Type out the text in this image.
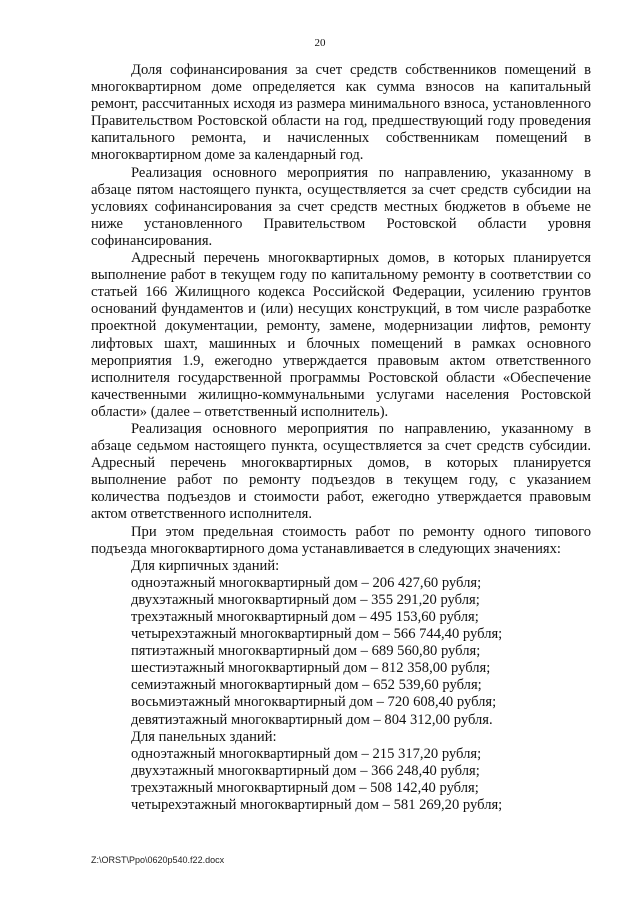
20

Доля софинансирования за счет средств собственников помещений в многоквартирном доме определяется как сумма взносов на капитальный ремонт, рассчитанных исходя из размера минимального взноса, установленного Правительством Ростовской области на год, предшествующий году проведения капитального ремонта, и начисленных собственникам помещений в многоквартирном доме за календарный год.

Реализация основного мероприятия по направлению, указанному в абзаце пятом настоящего пункта, осуществляется за счет средств субсидии на условиях софинансирования за счет средств местных бюджетов в объеме не ниже установленного Правительством Ростовской области уровня софинансирования.

Адресный перечень многоквартирных домов, в которых планируется выполнение работ в текущем году по капитальному ремонту в соответствии со статьей 166 Жилищного кодекса Российской Федерации, усилению грунтов оснований фундаментов и (или) несущих конструкций, в том числе разработке проектной документации, ремонту, замене, модернизации лифтов, ремонту лифтовых шахт, машинных и блочных помещений в рамках основного мероприятия 1.9, ежегодно утверждается правовым актом ответственного исполнителя государственной программы Ростовской области «Обеспечение качественными жилищно-коммунальными услугами населения Ростовской области» (далее – ответственный исполнитель).

Реализация основного мероприятия по направлению, указанному в абзаце седьмом настоящего пункта, осуществляется за счет средств субсидии. Адресный перечень многоквартирных домов, в которых планируется выполнение работ по ремонту подъездов в текущем году, с указанием количества подъездов и стоимости работ, ежегодно утверждается правовым актом ответственного исполнителя.

При этом предельная стоимость работ по ремонту одного типового подъезда многоквартирного дома устанавливается в следующих значениях:

Для кирпичных зданий:

одноэтажный многоквартирный дом – 206 427,60 рубля;

двухэтажный многоквартирный дом – 355 291,20 рубля;

трехэтажный многоквартирный дом – 495 153,60 рубля;

четырехэтажный многоквартирный дом – 566 744,40 рубля;

пятиэтажный многоквартирный дом – 689 560,80 рубля;

шестиэтажный многоквартирный дом – 812 358,00 рубля;

семиэтажный многоквартирный дом – 652 539,60 рубля;

восьмиэтажный многоквартирный дом – 720 608,40 рубля;

девятиэтажный многоквартирный дом – 804 312,00 рубля.

Для панельных зданий:

одноэтажный многоквартирный дом – 215 317,20 рубля;

двухэтажный многоквартирный дом – 366 248,40 рубля;

трехэтажный многоквартирный дом – 508 142,40 рубля;

четырехэтажный многоквартирный дом – 581 269,20 рубля;

Z:\ORST\Ppo\0620p540.f22.docx
